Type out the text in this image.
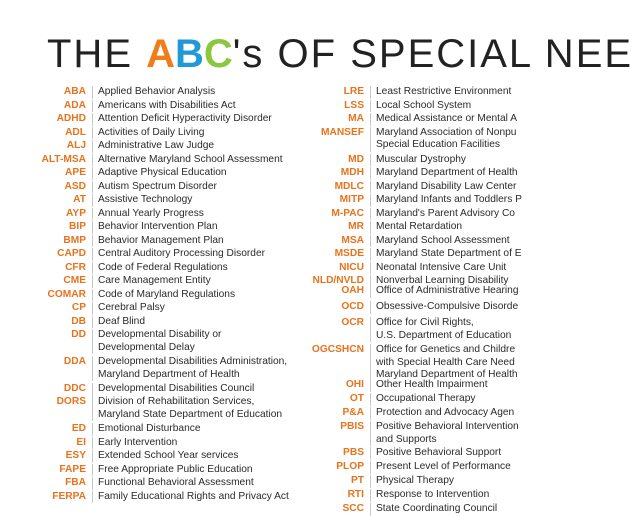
THE ABC's OF SPECIAL NEE
ABA	Applied Behavior Analysis
ADA	Americans with Disabilities Act
ADHD	Attention Deficit Hyperactivity Disorder
ADL	Activities of Daily Living
ALJ	Administrative Law Judge
ALT-MSA	Alternative Maryland School Assessment
APE	Adaptive Physical Education
ASD	Autism Spectrum Disorder
AT	Assistive Technology
AYP	Annual Yearly Progress
BIP	Behavior Intervention Plan
BMP	Behavior Management Plan
CAPD	Central Auditory Processing Disorder
CFR	Code of Federal Regulations
CME	Care Management Entity
COMAR	Code of Maryland Regulations
CP	Cerebral Palsy
DB	Deaf Blind
DD	Developmental Disability or
Developmental Delay
DDA	Developmental Disabilities Administration,
Maryland Department of Health
DDC	Developmental Disabilities Council
DORS	Division of Rehabilitation Services,
Maryland State Department of Education
ED	Emotional Disturbance
EI	Early Intervention
ESY	Extended School Year services
FAPE	Free Appropriate Public Education
FBA	Functional Behavioral Assessment
FERPA	Family Educational Rights and Privacy Act
LRE	Least Restrictive Environment
LSS	Local School System
MA	Medical Assistance or Mental A
MANSEF	Maryland Association of Nonpu
Special Education Facilities
MD	Muscular Dystrophy
MDH	Maryland Department of Health
MDLC	Maryland Disability Law Center
MITP	Maryland Infants and Toddlers P
M-PAC	Maryland's Parent Advisory Co
MR	Mental Retardation
MSA	Maryland School Assessment
MSDE	Maryland State Department of E
NICU	Neonatal Intensive Care Unit
NLD/NVLD	Nonverbal Learning Disability
OAH	Office of Administrative Hearing
OCD	Obsessive-Compulsive Disorde
OCR	Office for Civil Rights,
U.S. Department of Education
OGCSHCN	Office for Genetics and Childre
with Special Health Care Need
Maryland Department of Health
OHI	Other Health Impairment
OT	Occupational Therapy
P&A	Protection and Advocacy Agen
PBIS	Positive Behavioral Intervention
and Supports
PBS	Positive Behavioral Support
PLOP	Present Level of Performance
PT	Physical Therapy
RTI	Response to Intervention
SCC	State Coordinating Council
